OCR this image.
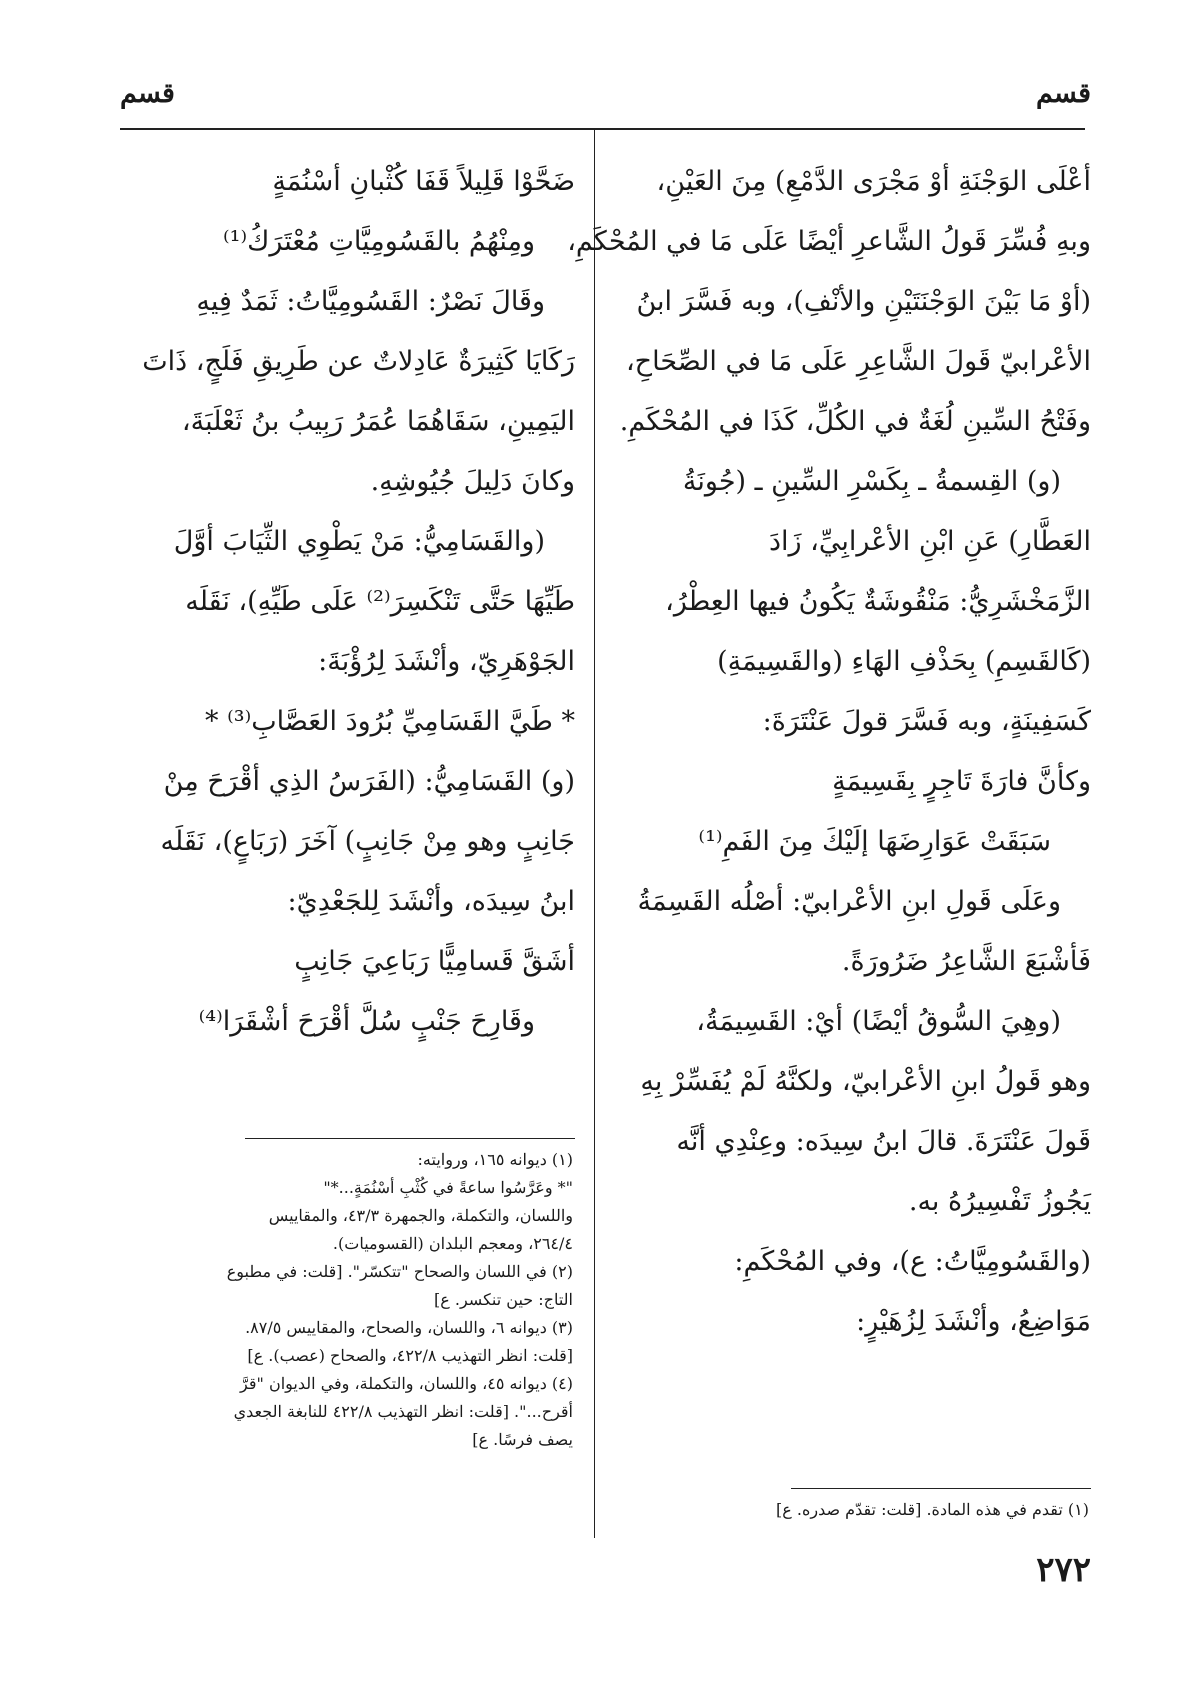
قسم
قسم
أعْلَى الوَجْنَةِ أوْ مَجْرَى الدَّمْعِ) مِنَ العَيْنِ،
وبهِ فُسِّرَ قَولُ الشَّاعرِ أيْضًا عَلَى مَا في المُحْكَمِ،
(أوْ مَا بَيْنَ الوَجْنَتَيْنِ والأنْفِ)، وبه فَسَّرَ ابنُ
الأعْرابيّ قَولَ الشَّاعِرِ عَلَى مَا في الصِّحَاحِ،
وفَتْحُ السِّينِ لُغَةٌ في الكُلِّ، كَذَا في المُحْكَمِ.
(و) القِسمةُ ـ بِكَسْرِ السِّينِ ـ (جُونَةُ
العَطَّارِ) عَنِ ابْنِ الأعْرابِيِّ، زَادَ
الزَّمَخْشَرِيُّ: مَنْقُوشَةٌ يَكُونُ فيها العِطْرُ،
(كَالقَسِمِ) بِحَذْفِ الهَاءِ (والقَسِيمَةِ)
كَسَفِينَةٍ، وبه فَسَّرَ قولَ عَنْتَرَةَ:
وكأنَّ فارَةَ تَاجِرٍ بِقَسِيمَةٍ
سَبَقَتْ عَوَارِضَهَا إلَيْكَ مِنَ الفَمِ⁽¹⁾
وعَلَى قَولِ ابنِ الأعْرابيّ: أصْلُه القَسِمَةُ
فَأشْبَعَ الشَّاعِرُ ضَرُورَةً.
(وهِيَ السُّوقُ أيْضًا) أيْ: القَسِيمَةُ،
وهو قَولُ ابنِ الأعْرابيّ، ولكنَّهُ لَمْ يُفَسِّرْ بِهِ
قَولَ عَنْتَرَةَ. قالَ ابنُ سِيدَه: وعِنْدِي أنَّه
يَجُوزُ تَفْسِيرُهُ به.
(والقَسُومِيَّاتُ: ع)، وفي المُحْكَمِ:
مَوَاضِعُ، وأنْشَدَ لِزُهَيْرٍ:
(١) تقدم في هذه المادة. [قلت: تقدّم صدره. ع]
ضَحَّوْا قَلِيلاً قَفَا كُثْبانِ أسْنُمَةٍ
ومِنْهُمُ بالقَسُومِيَّاتِ مُعْتَرَكُ⁽¹⁾
وقَالَ نَصْرٌ: القَسُومِيَّاتُ: ثَمَدٌ فِيهِ
رَكَايَا كَثِيرَةٌ عَادِلاتٌ عن طَرِيقِ فَلَجٍ، ذَاتَ
اليَمِينِ، سَقَاهُمَا عُمَرُ رَبِيبُ بنُ ثَعْلَبَةَ،
وكانَ دَلِيلَ جُيُوشِهِ.
(والقَسَامِيُّ: مَنْ يَطْوِي الثِّيَابَ أوَّلَ
طَيِّهَا حَتَّى تَنْكَسِرَ⁽²⁾ عَلَى طَيِّهِ)، نَقَلَه
الجَوْهَرِيّ، وأنْشَدَ لِرُؤْبَةَ:
* طَيَّ القَسَامِيِّ بُرُودَ العَصَّابِ⁽³⁾ *
(و) القَسَامِيُّ: (الفَرَسُ الذِي أقْرَحَ مِنْ
جَانِبٍ وهو مِنْ جَانِبٍ) آخَرَ (رَبَاعٍ)، نَقَلَه
ابنُ سِيدَه، وأنْشَدَ لِلجَعْدِيّ:
أشَقَّ قَسامِيًّا رَبَاعِيَ جَانِبٍ
وقَارِحَ جَنْبٍ سُلَّ أقْرَحَ أشْقَرَا⁽⁴⁾
(١) ديوانه ١٦٥، وروايته:
"* وعَرَّسُوا ساعةً في كُثْبِ أسْنُمَةٍ...*"
واللسان، والتكملة، والجمهرة ٤٣/٣، والمقاييس
٢٦٤/٤، ومعجم البلدان (القسوميات).
(٢) في اللسان والصحاح "تتكسّر". [قلت: في مطبوع
التاج: حين تنكسر. ع]
(٣) ديوانه ٦، واللسان، والصحاح، والمقاييس ٨٧/٥.
[قلت: انظر التهذيب ٤٢٢/٨، والصحاح (عصب). ع]
(٤) ديوانه ٤٥، واللسان، والتكملة، وفي الديوان "قرَّ
أقرح...". [قلت: انظر التهذيب ٤٢٢/٨ للنابغة الجعدي
يصف فرسًا. ع]
٢٧٢
